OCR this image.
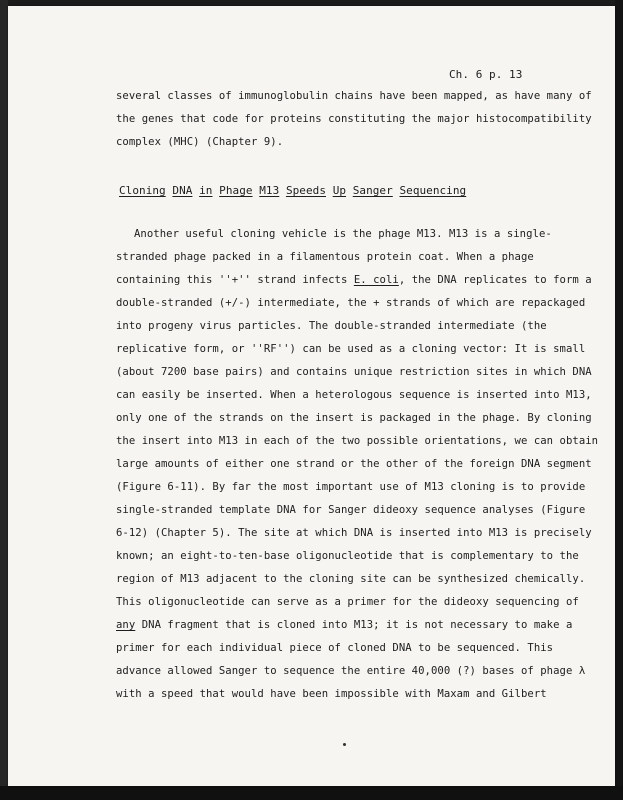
Ch. 6 p. 13
several classes of immunoglobulin chains have been mapped, as have many of
the genes that code for proteins constituting the major histocompatibility
complex (MHC) (Chapter 9).
Cloning DNA in Phage M13 Speeds Up Sanger Sequencing
Another useful cloning vehicle is the phage M13. M13 is a single-
stranded phage packed in a filamentous protein coat. When a phage
containing this ''+'' strand infects E. coli, the DNA replicates to form a
double-stranded (+/-) intermediate, the + strands of which are repackaged
into progeny virus particles. The double-stranded intermediate (the
replicative form, or ''RF'') can be used as a cloning vector: It is small
(about 7200 base pairs) and contains unique restriction sites in which DNA
can easily be inserted. When a heterologous sequence is inserted into M13,
only one of the strands on the insert is packaged in the phage. By cloning
the insert into M13 in each of the two possible orientations, we can obtain
large amounts of either one strand or the other of the foreign DNA segment
(Figure 6-11). By far the most important use of M13 cloning is to provide
single-stranded template DNA for Sanger dideoxy sequence analyses (Figure
6-12) (Chapter 5). The site at which DNA is inserted into M13 is precisely
known; an eight-to-ten-base oligonucleotide that is complementary to the
region of M13 adjacent to the cloning site can be synthesized chemically.
This oligonucleotide can serve as a primer for the dideoxy sequencing of
any DNA fragment that is cloned into M13; it is not necessary to make a
primer for each individual piece of cloned DNA to be sequenced. This
advance allowed Sanger to sequence the entire 40,000 (?) bases of phage λ
with a speed that would have been impossible with Maxam and Gilbert
